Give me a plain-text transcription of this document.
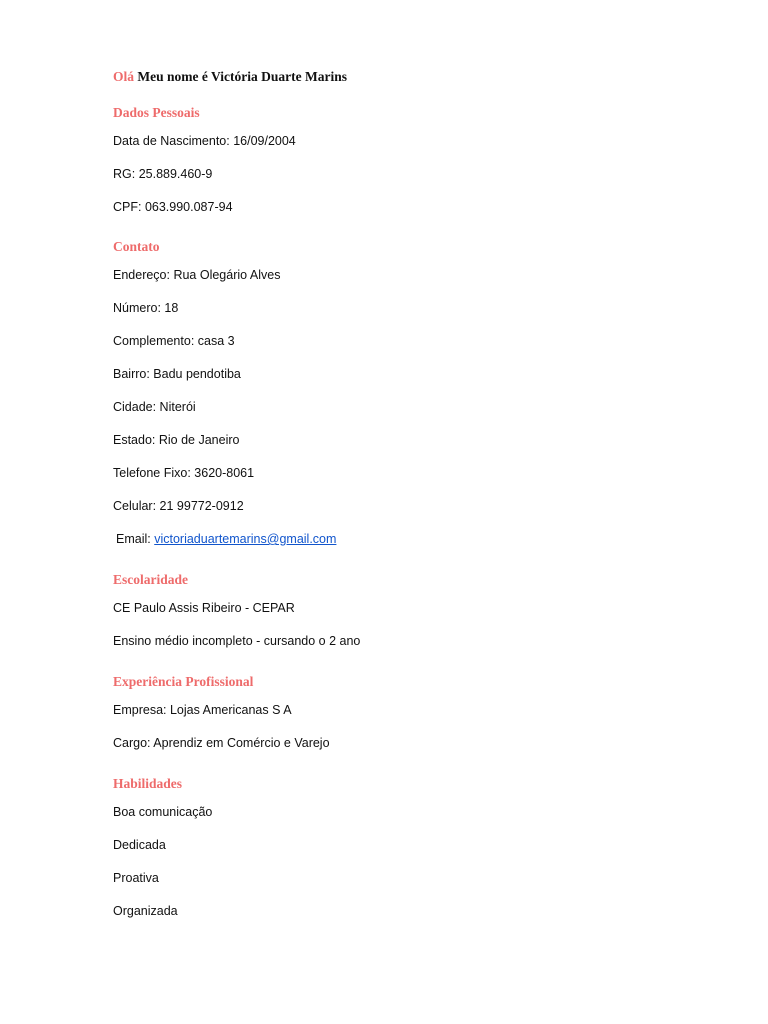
Olá Meu nome é Victória Duarte Marins
Dados Pessoais
Data de Nascimento: 16/09/2004
RG: 25.889.460-9
CPF: 063.990.087-94
Contato
Endereço: Rua Olegário Alves
Número: 18
Complemento: casa 3
Bairro: Badu pendotiba
Cidade: Niterói
Estado: Rio de Janeiro
Telefone Fixo: 3620-8061
Celular: 21 99772-0912
Email: victoriaduartemarins@gmail.com
Escolaridade
CE Paulo Assis Ribeiro - CEPAR
Ensino médio incompleto - cursando o 2 ano
Experiência Profissional
Empresa: Lojas Americanas S A
Cargo: Aprendiz em Comércio e Varejo
Habilidades
Boa comunicação
Dedicada
Proativa
Organizada
